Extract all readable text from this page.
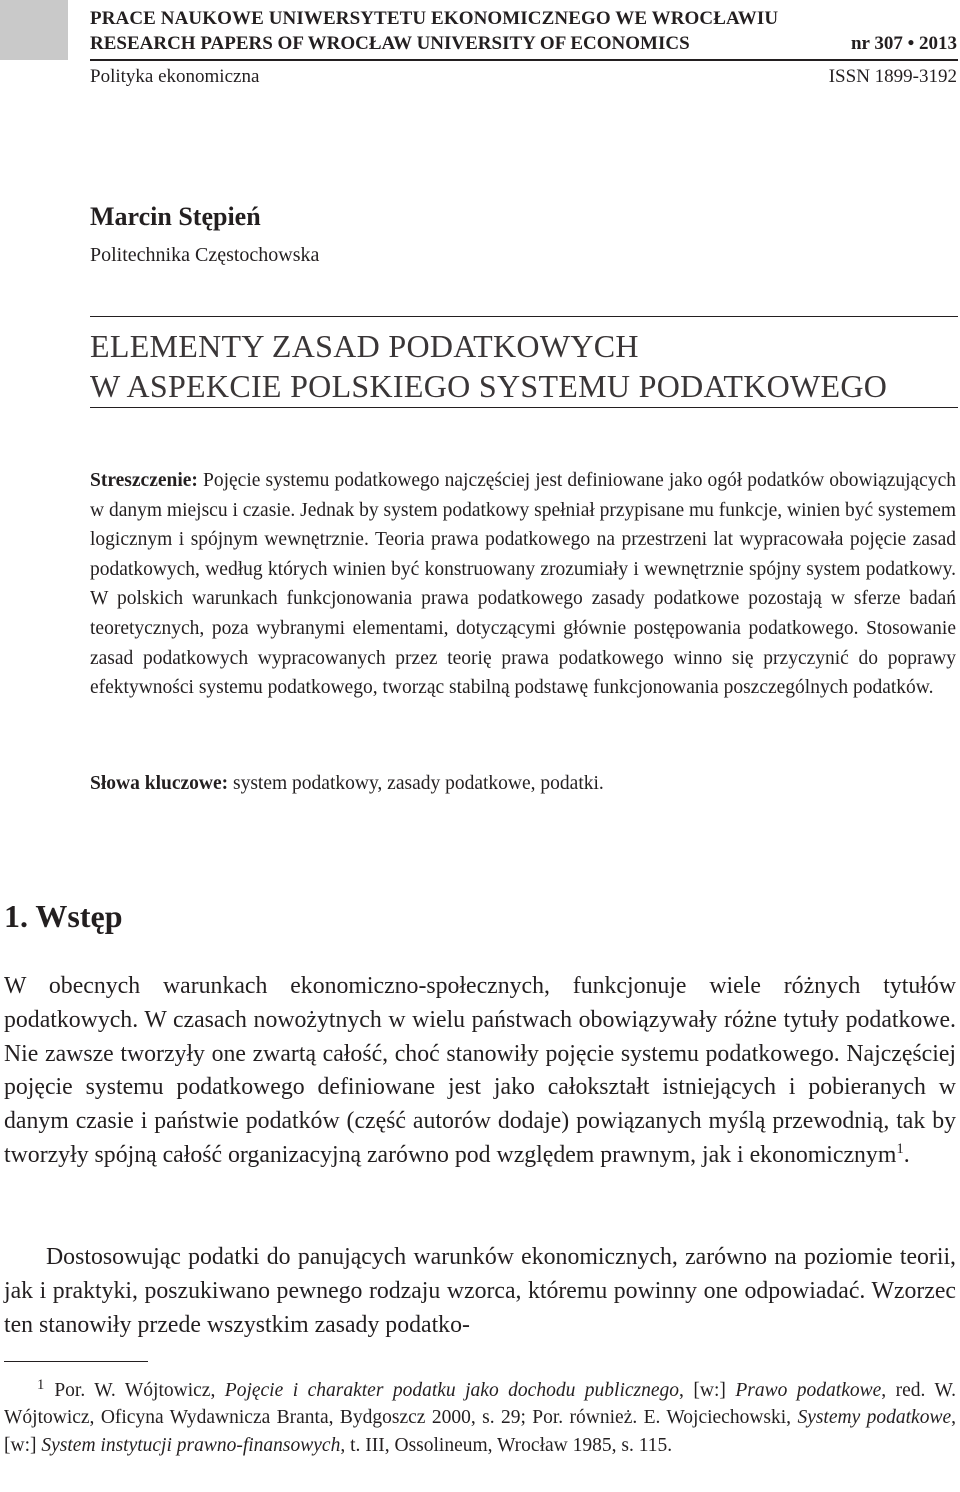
PRACE NAUKOWE UNIWERSYTETU EKONOMICZNEGO WE WROCŁAWIU
RESEARCH PAPERS OF WROCŁAW UNIVERSITY OF ECONOMICS	nr 307 • 2013
Polityka ekonomiczna	ISSN 1899-3192
Marcin Stępień
Politechnika Częstochowska
ELEMENTY ZASAD PODATKOWYCH
W ASPEKCIE POLSKIEGO SYSTEMU PODATKOWEGO
Streszczenie: Pojęcie systemu podatkowego najczęściej jest definiowane jako ogół podatków obowiązujących w danym miejscu i czasie. Jednak by system podatkowy spełniał przypisane mu funkcje, winien być systemem logicznym i spójnym wewnętrznie. Teoria prawa podatkowego na przestrzeni lat wypracowała pojęcie zasad podatkowych, według których winien być konstruowany zrozumiały i wewnętrznie spójny system podatkowy. W polskich warunkach funkcjonowania prawa podatkowego zasady podatkowe pozostają w sferze badań teoretycznych, poza wybranymi elementami, dotyczącymi głównie postępowania podatkowego. Stosowanie zasad podatkowych wypracowanych przez teorię prawa podatkowego winno się przyczynić do poprawy efektywności systemu podatkowego, tworząc stabilną podstawę funkcjonowania poszczególnych podatków.
Słowa kluczowe: system podatkowy, zasady podatkowe, podatki.
1. Wstęp
W obecnych warunkach ekonomiczno-społecznych, funkcjonuje wiele różnych tytułów podatkowych. W czasach nowożytnych w wielu państwach obowiązywały różne tytuły podatkowe. Nie zawsze tworzyły one zwartą całość, choć stanowiły pojęcie systemu podatkowego. Najczęściej pojęcie systemu podatkowego definiowane jest jako całokształt istniejących i pobieranych w danym czasie i państwie podatków (część autorów dodaje) powiązanych myślą przewodnią, tak by tworzyły spójną całość organizacyjną zarówno pod względem prawnym, jak i ekonomicznym$^1$.
Dostosowując podatki do panujących warunków ekonomicznych, zarówno na poziomie teorii, jak i praktyki, poszukiwano pewnego rodzaju wzorca, któremu powinny one odpowiadać. Wzorzec ten stanowiły przede wszystkim zasady podatko-
$^1$ Por. W. Wójtowicz, Pojęcie i charakter podatku jako dochodu publicznego, [w:] Prawo podatkowe, red. W. Wójtowicz, Oficyna Wydawnicza Branta, Bydgoszcz 2000, s. 29; Por. również. E. Wojciechowski, Systemy podatkowe, [w:] System instytucji prawno-finansowych, t. III, Ossolineum, Wrocław 1985, s. 115.
